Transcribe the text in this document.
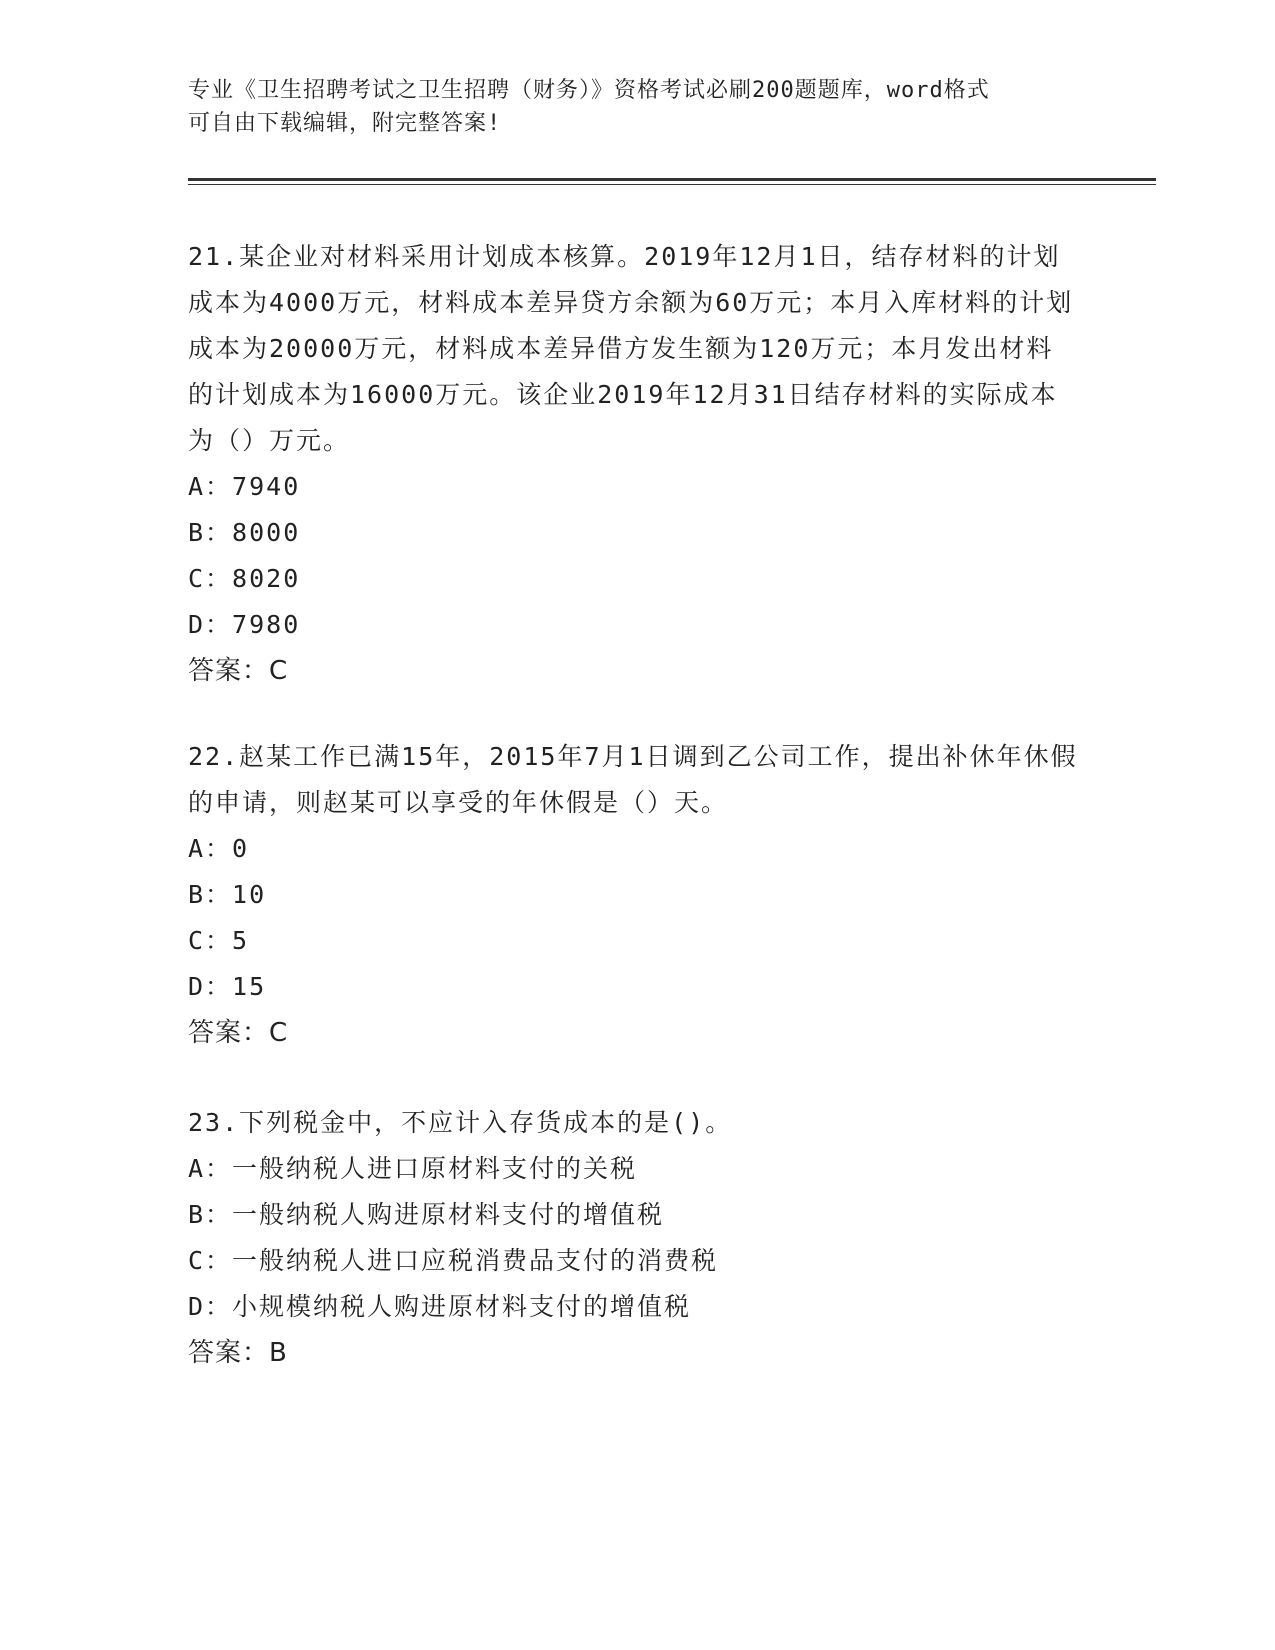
专业《卫生招聘考试之卫生招聘（财务）》资格考试必刷200题题库，word格式
可自由下载编辑，附完整答案!
21.某企业对材料采用计划成本核算。2019年12月1日，结存材料的计划成本为4000万元，材料成本差异贷方余额为60万元；本月入库材料的计划成本为20000万元，材料成本差异借方发生额为120万元；本月发出材料的计划成本为16000万元。该企业2019年12月31日结存材料的实际成本为（）万元。
A：7940
B：8000
C：8020
D：7980
答案：C
22.赵某工作已满15年，2015年7月1日调到乙公司工作，提出补休年休假的申请，则赵某可以享受的年休假是（）天。
A：0
B：10
C：5
D：15
答案：C
23.下列税金中，不应计入存货成本的是()。
A：一般纳税人进口原材料支付的关税
B：一般纳税人购进原材料支付的增值税
C：一般纳税人进口应税消费品支付的消费税
D：小规模纳税人购进原材料支付的增值税
答案：B
